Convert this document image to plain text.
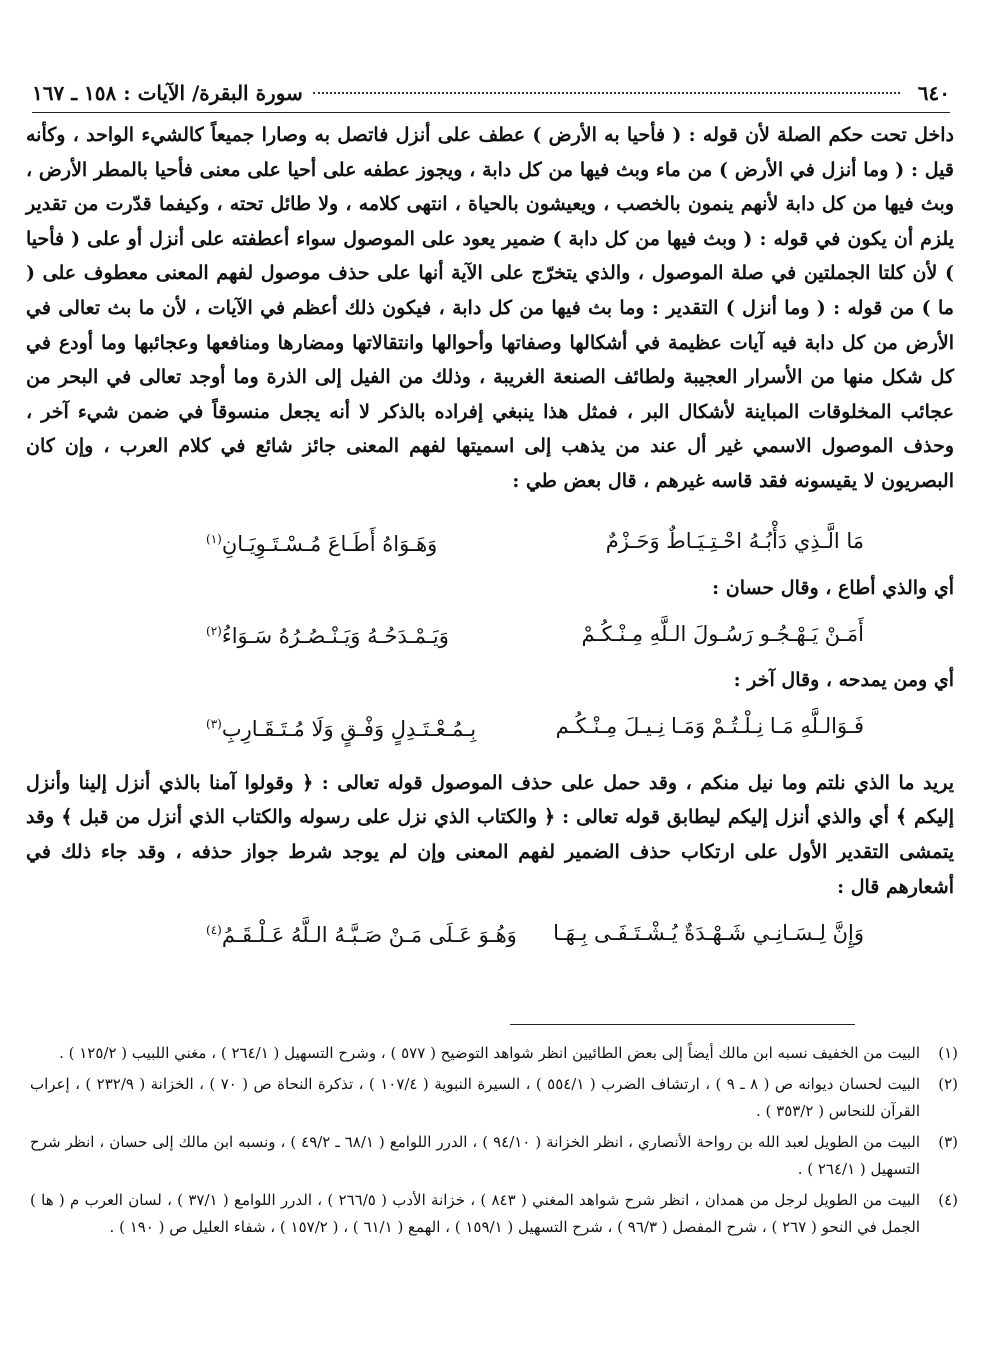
٦٤٠
سورة البقرة/ الآيات : ١٥٨ ـ ١٦٧

داخل تحت حكم الصلة لأن قوله : ( فأحيا به الأرض ) عطف على أنزل فاتصل به وصارا جميعاً كالشيء الواحد ، وكأنه قيل : ( وما أنزل في الأرض ) من ماء وبث فيها من كل دابة ، ويجوز عطفه على أحيا على معنى فأحيا بالمطر الأرض ، وبث فيها من كل دابة لأنهم ينمون بالخصب ، ويعيشون بالحياة ، انتهى كلامه ، ولا طائل تحته ، وكيفما قدّرت من تقدير يلزم أن يكون في قوله : ( وبث فيها من كل دابة ) ضمير يعود على الموصول سواء أعطفته على أنزل أو على ( فأحيا ) لأن كلتا الجملتين في صلة الموصول ، والذي يتخرّج على الآية أنها على حذف موصول لفهم المعنى معطوف على ( ما ) من قوله : ( وما أنزل ) التقدير : وما بث فيها من كل دابة ، فيكون ذلك أعظم في الآيات ، لأن ما بث تعالى في الأرض من كل دابة فيه آيات عظيمة في أشكالها وصفاتها وأحوالها وانتقالاتها ومضارها ومنافعها وعجائبها وما أودع في كل شكل منها من الأسرار العجيبة ولطائف الصنعة الغريبة ، وذلك من الفيل إلى الذرة وما أوجد تعالى في البحر من عجائب المخلوقات المباينة لأشكال البر ، فمثل هذا ينبغي إفراده بالذكر لا أنه يجعل منسوقاً في ضمن شيء آخر ، وحذف الموصول الاسمي غير أل عند من يذهب إلى اسميتها لفهم المعنى جائز شائع في كلام العرب ، وإن كان البصريون لا يقيسونه فقد قاسه غيرهم ، قال بعض طي :

مَا الَّـذِي دَأْبُـهُ احْـتِـيَـاطٌ وَحَـزْمٌ
وَهَـوَاهُ أَطَـاعَ مُـسْـتَـوِيَـانِ$^{(١)}$

أي والذي أطاع ، وقال حسان :

أَمَـنْ يَـهْـجُـو رَسُـولَ الـلَّهِ مِـنْـكُـمْ
وَيَـمْـدَحُـهُ وَيَـنْـصُـرُهُ سَـوَاءُ$^{(٢)}$

أي ومن يمدحه ، وقال آخر :

فَـوَالـلَّهِ مَـا نِـلْـتُـمْ وَمَـا نِـيـلَ مِـنْـكُـم
بِـمُـعْـتَـدِلٍ وَفْـقٍ وَلَا مُـتَـقَـارِبِ$^{(٣)}$

يريد ما الذي نلتم وما نيل منكم ، وقد حمل على حذف الموصول قوله تعالى : ﴿ وقولوا آمنا بالذي أنزل إلينا وأنزل إليكم ﴾ أي والذي أنزل إليكم ليطابق قوله تعالى : ﴿ والكتاب الذي نزل على رسوله والكتاب الذي أنزل من قبل ﴾ وقد يتمشى التقدير الأول على ارتكاب حذف الضمير لفهم المعنى وإن لم يوجد شرط جواز حذفه ، وقد جاء ذلك في أشعارهم قال :

وَإِنَّ لِـسَـانِـي شَـهْـدَةٌ يُـشْـتَـفَـى بِـهَـا
وَهُـوَ عَـلَى مَـنْ صَـبَّـهُ الـلَّهُ عَـلْـقَـمُ$^{(٤)}$
(١)
البيت من الخفيف نسبه ابن مالك أيضاً إلى بعض الطائيين انظر شواهد التوضيح ( ٥٧٧ ) ، وشرح التسهيل ( ٢٦٤/١ ) ، مغني اللبيب ( ١٢٥/٢ ) .
(٢)
البيت لحسان ديوانه ص ( ٨ ـ ٩ ) ، ارتشاف الضرب ( ٥٥٤/١ ) ، السيرة النبوية ( ١٠٧/٤ ) ، تذكرة النحاة ص ( ٧٠ ) ، الخزانة ( ٢٣٢/٩ ) ، إعراب القرآن للنحاس ( ٣٥٣/٢ ) .
(٣)
البيت من الطويل لعبد الله بن رواحة الأنصاري ، انظر الخزانة ( ٩٤/١٠ ) ، الدرر اللوامع ( ٦٨/١ ـ ٤٩/٢ ) ، ونسبه ابن مالك إلى حسان ، انظر شرح التسهيل ( ٢٦٤/١ ) .
(٤)
البيت من الطويل لرجل من همدان ، انظر شرح شواهد المغني ( ٨٤٣ ) ، خزانة الأدب ( ٢٦٦/٥ ) ، الدرر اللوامع ( ٣٧/١ ) ، لسان العرب م ( ها ) الجمل في النحو ( ٢٦٧ ) ، شرح المفصل ( ٩٦/٣ ) ، شرح التسهيل ( ١٥٩/١ ) ، الهمع ( ٦١/١ ) ، ( ١٥٧/٢ ) ، شفاء العليل ص ( ١٩٠ ) .
